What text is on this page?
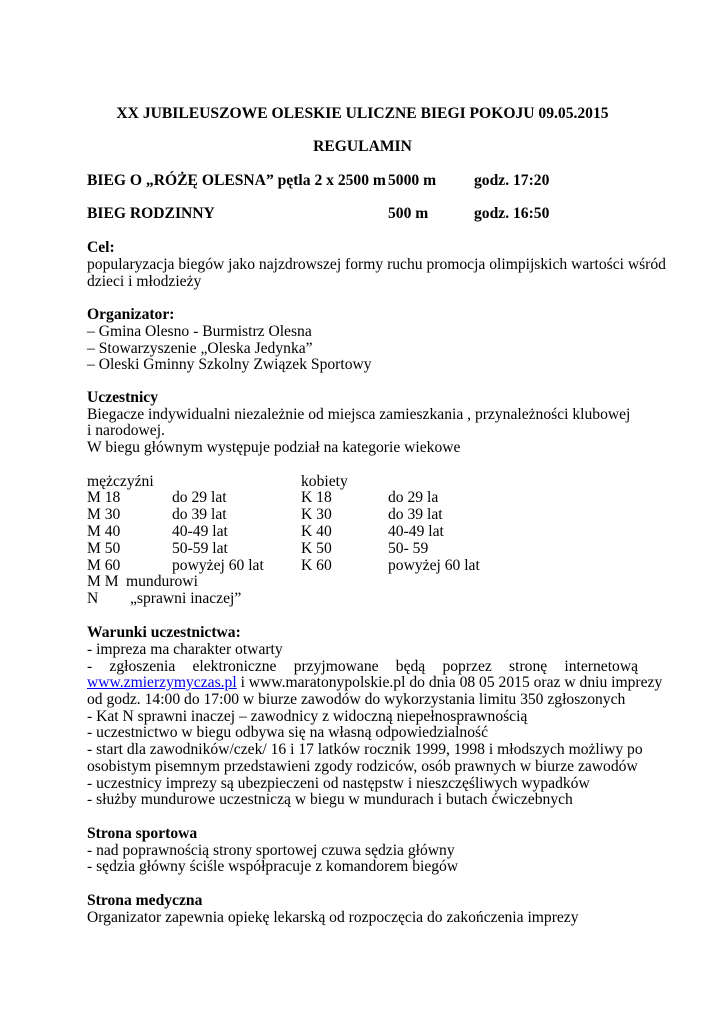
XX JUBILEUSZOWE OLESKIE ULICZNE BIEGI POKOJU 09.05.2015
REGULAMIN
BIEG O „RÓŻĘ OLESNA” pętla 2 x 2500 m 5000 m godz. 17:20
BIEG RODZINNY	500 m	godz. 16:50
Cel:
popularyzacja biegów jako najzdrowszej formy ruchu promocja olimpijskich wartości wśród
dzieci i młodzieży
Organizator:
– Gmina Olesno - Burmistrz Olesna
– Stowarzyszenie „Oleska Jedynka”
– Oleski Gminny Szkolny Związek Sportowy
Uczestnicy
Biegacze indywidualni niezależnie od miejsca zamieszkania , przynależności klubowej
i narodowej.
W biegu głównym występuje podział na kategorie wiekowe
mężczyźni	kobiety
M 18	do 29 lat	K 18	do 29 la
M 30	do 39 lat	K 30	do 39 lat
M 40	40-49 lat	K 40	40-49 lat
M 50	50-59 lat	K 50	50- 59
M 60	powyżej 60 lat K 60	powyżej 60 lat
M M mundurowi
N „sprawni inaczej”
Warunki uczestnictwa:
- impreza ma charakter otwarty
- zgłoszenia elektroniczne przyjmowane będą poprzez stronę internetową
www.zmierzymyczas.pl i www.maratonypolskie.pl do dnia 08 05 2015 oraz w dniu imprezy
od godz. 14:00 do 17:00 w biurze zawodów do wykorzystania limitu 350 zgłoszonych
- Kat N sprawni inaczej – zawodnicy z widoczną niepełnosprawnością
- uczestnictwo w biegu odbywa się na własną odpowiedzialność
- start dla zawodników/czek/ 16 i 17 latków rocznik 1999, 1998 i młodszych możliwy po
osobistym pisemnym przedstawieni zgody rodziców, osób prawnych w biurze zawodów
- uczestnicy imprezy są ubezpieczeni od następstw i nieszczęśliwych wypadków
- służby mundurowe uczestniczą w biegu w mundurach i butach ćwiczebnych
Strona sportowa
- nad poprawnością strony sportowej czuwa sędzia główny
- sędzia główny ściśle współpracuje z komandorem biegów
Strona medyczna
Organizator zapewnia opiekę lekarską od rozpoczęcia do zakończenia imprezy
